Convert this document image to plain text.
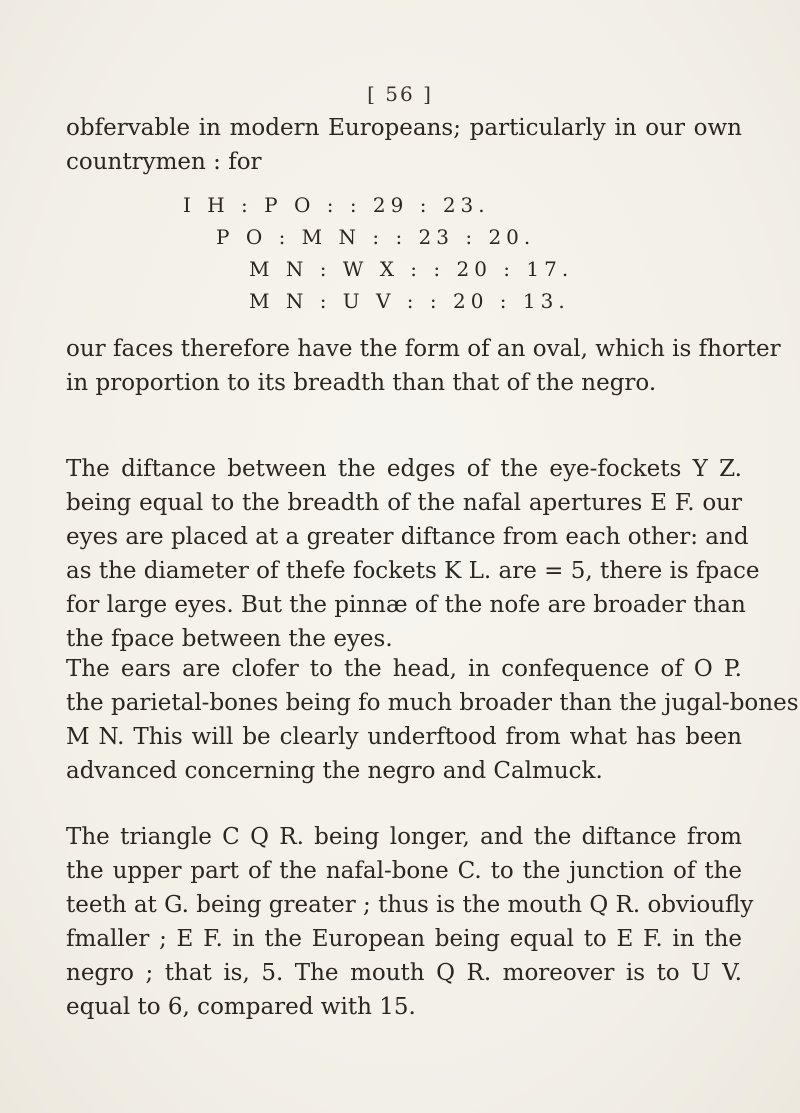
[ 56 ]
obfervable in modern Europeans; particularly in our own
countrymen : for
I H : P O : : 29 : 23.
P O : M N : : 23 : 20.
M N : W X : : 20 : 17.
M N : U V : : 20 : 13.
our faces therefore have the form of an oval, which is fhorter
in proportion to its breadth than that of the negro.
The diftance between the edges of the eye-fockets Y Z.
being equal to the breadth of the nafal apertures E F. our
eyes are placed at a greater diftance from each other: and
as the diameter of thefe fockets K L. are = 5, there is fpace
for large eyes. But the pinnæ of the nofe are broader than
the fpace between the eyes.
The ears are clofer to the head, in confequence of O P.
the parietal-bones being fo much broader than the jugal-bones
M N. This will be clearly underftood from what has been
advanced concerning the negro and Calmuck.
The triangle C Q R. being longer, and the diftance from
the upper part of the nafal-bone C. to the junction of the
teeth at G. being greater ; thus is the mouth Q R. obvioufly
fmaller ; E F. in the European being equal to E F. in the
negro ; that is, 5. The mouth Q R. moreover is to U V.
equal to 6, compared with 15.
